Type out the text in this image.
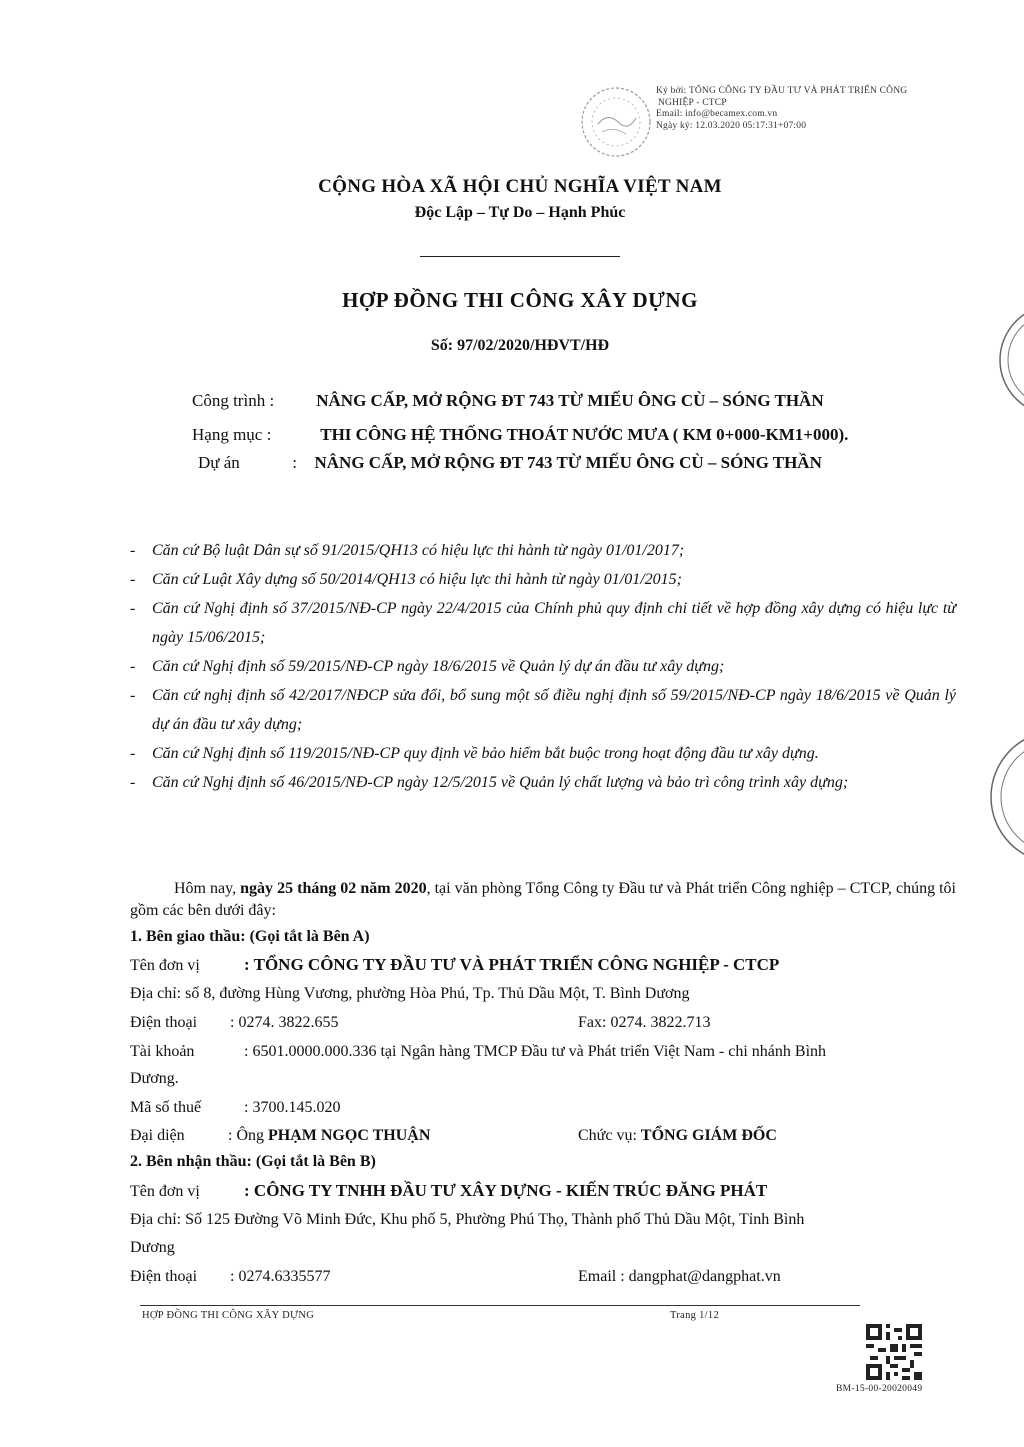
Ký bởi: TỔNG CÔNG TY ĐẦU TƯ VÀ PHÁT TRIỂN CÔNG
NGHIỆP - CTCP
Email: info@becamex.com.vn
Ngày ký: 12.03.2020 05:17:31+07:00
CỘNG HÒA XÃ HỘI CHỦ NGHĨA VIỆT NAM
Độc Lập – Tự Do – Hạnh Phúc
HỢP ĐỒNG THI CÔNG XÂY DỰNG
Số: 97/02/2020/HĐVT/HĐ
Công trình : NÂNG CẤP, MỞ RỘNG ĐT 743 TỪ MIẾU ÔNG CÙ – SÓNG THẦN
Hạng mục :	THI CÔNG HỆ THỐNG THOÁT NƯỚC MƯA ( KM 0+000-KM1+000).
Dự án	: NÂNG CẤP, MỞ RỘNG ĐT 743 TỪ MIẾU ÔNG CÙ – SÓNG THẦN
- Căn cứ Bộ luật Dân sự số 91/2015/QH13 có hiệu lực thi hành từ ngày 01/01/2017;
- Căn cứ Luật Xây dựng số 50/2014/QH13 có hiệu lực thi hành từ ngày 01/01/2015;
- Căn cứ Nghị định số 37/2015/NĐ-CP ngày 22/4/2015 của Chính phủ quy định chi tiết về hợp đồng xây dựng có hiệu lực từ ngày 15/06/2015;
- Căn cứ Nghị định số 59/2015/NĐ-CP ngày 18/6/2015 về Quản lý dự án đầu tư xây dựng;
- Căn cứ nghị định số 42/2017/NĐCP sửa đổi, bổ sung một số điều nghị định số 59/2015/NĐ-CP ngày 18/6/2015 về Quản lý dự án đầu tư xây dựng;
- Căn cứ Nghị định số 119/2015/NĐ-CP quy định về bảo hiểm bắt buộc trong hoạt động đầu tư xây dựng.
- Căn cứ Nghị định số 46/2015/NĐ-CP ngày 12/5/2015 về Quản lý chất lượng và bảo trì công trình xây dựng;
Hôm nay, ngày 25 tháng 02 năm 2020, tại văn phòng Tổng Công ty Đầu tư và Phát triển Công nghiệp – CTCP, chúng tôi gồm các bên dưới đây:
1. Bên giao thầu: (Gọi tắt là Bên A)
Tên đơn vị	: TỔNG CÔNG TY ĐẦU TƯ VÀ PHÁT TRIỂN CÔNG NGHIỆP - CTCP
Địa chỉ: số 8, đường Hùng Vương, phường Hòa Phú, Tp. Thủ Dầu Một, T. Bình Dương
Điện thoại : 0274. 3822.655	Fax: 0274. 3822.713
Tài khoản	: 6501.0000.000.336 tại Ngân hàng TMCP Đầu tư và Phát triển Việt Nam - chi nhánh Bình
Dương.
Mã số thuế	: 3700.145.020
Đại diện	: Ông PHẠM NGỌC THUẬN	Chức vụ: TỔNG GIÁM ĐỐC
2. Bên nhận thầu: (Gọi tắt là Bên B)
Tên đơn vị	: CÔNG TY TNHH ĐẦU TƯ XÂY DỰNG - KIẾN TRÚC ĐĂNG PHÁT
Địa chỉ: Số 125 Đường Võ Minh Đức, Khu phố 5, Phường Phú Thọ, Thành phố Thủ Dầu Một, Tỉnh Bình
Dương
Điện thoại : 0274.6335577	Email : dangphat@dangphat.vn
HỢP ĐỒNG THI CÔNG XÂY DỰNG	Trang 1/12
BM-15-00-20020049
